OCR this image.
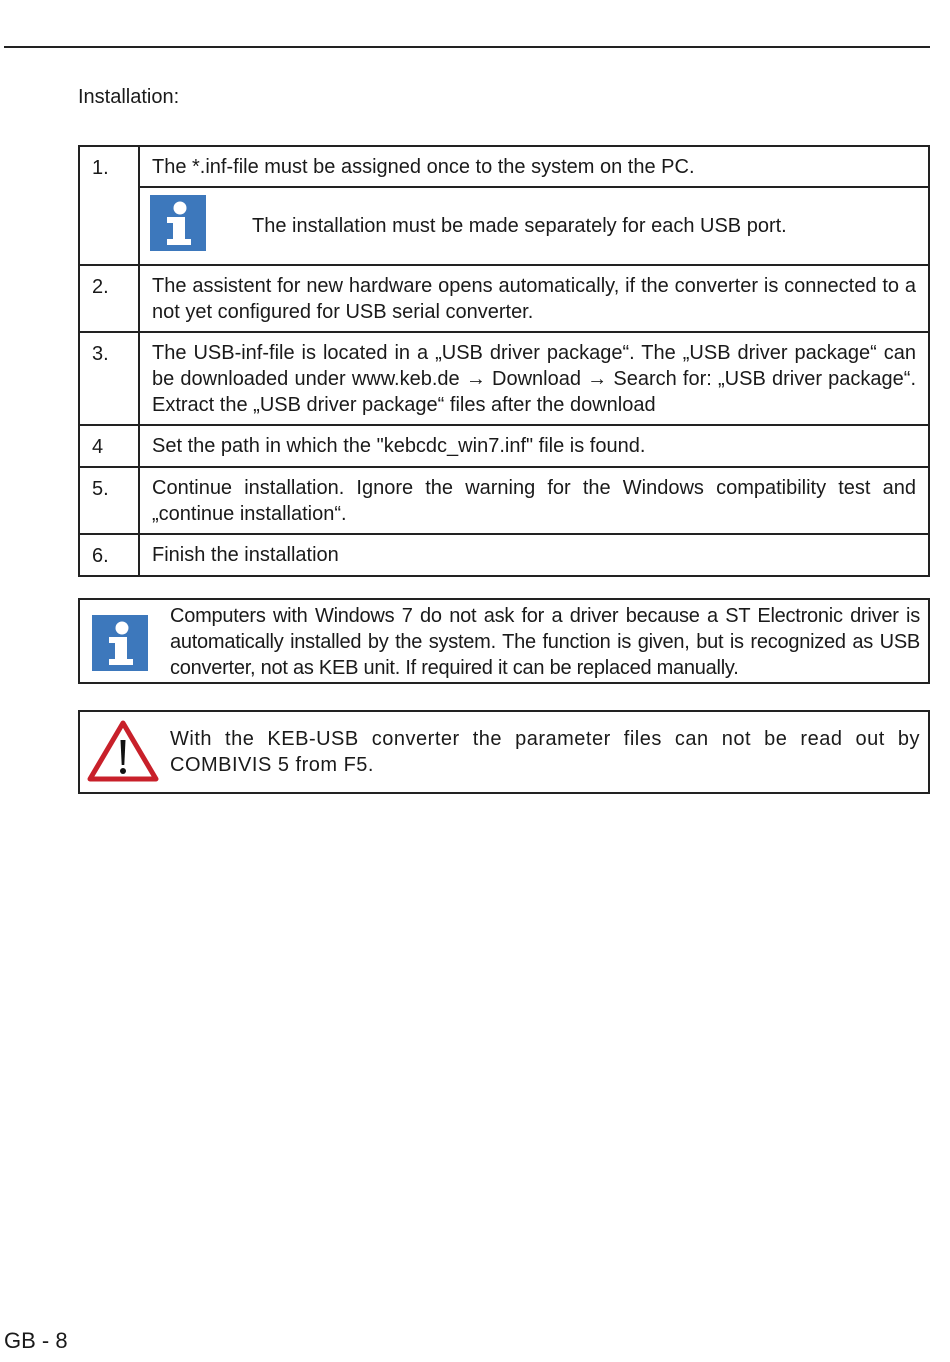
Installation:
1.	The *.inf-file must be assigned once to the system on the PC.

	The installation must be made separately for each USB port.

2.	The assistent for new hardware opens automatically, if the converter is connected to a not yet configured for USB serial converter.
3.	The USB-inf-file is located in a „USB driver package“. The „USB driver package“ can be downloaded under www.keb.de → Download → Search for: „USB driver package“. Extract the „USB driver package“ files after the download
4	Set the path in which the "kebcdc_win7.inf" file is found.
5.	Continue installation. Ignore the warning for the Windows compatibility test and „continue installation“.
6.	Finish the installation
Computers with Windows 7 do not ask for a driver because a ST Electronic driver is automatically installed by the system. The function is given, but is recognized as USB converter, not as KEB unit. If required it can be replaced manually.
With the KEB-USB converter the parameter files can not be read out by COMBIVIS 5 from F5.
GB - 8
